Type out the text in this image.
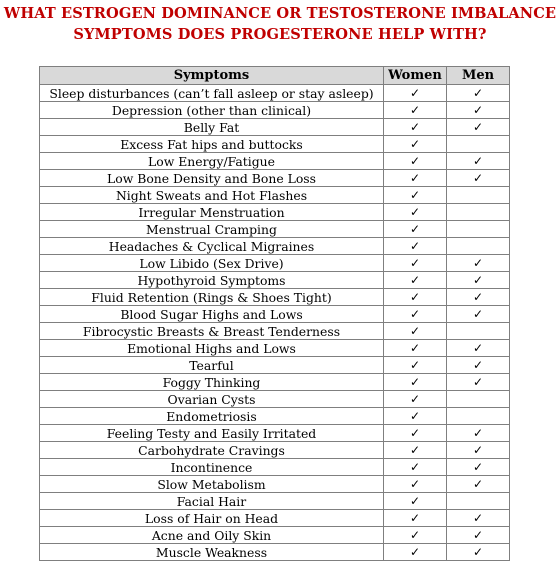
WHAT ESTROGEN DOMINANCE OR TESTOSTERONE IMBALANCE
SYMPTOMS DOES PROGESTERONE HELP WITH?
Symptoms	Women	Men
Sleep disturbances (can’t fall asleep or stay asleep)	✓	✓
Depression (other than clinical)	✓	✓
Belly Fat	✓	✓
Excess Fat hips and buttocks	✓	
Low Energy/Fatigue	✓	✓
Low Bone Density and Bone Loss	✓	✓
Night Sweats and Hot Flashes	✓	
Irregular Menstruation	✓	
Menstrual Cramping	✓	
Headaches & Cyclical Migraines	✓	
Low Libido (Sex Drive)	✓	✓
Hypothyroid Symptoms	✓	✓
Fluid Retention (Rings & Shoes Tight)	✓	✓
Blood Sugar Highs and Lows	✓	✓
Fibrocystic Breasts & Breast Tenderness	✓	
Emotional Highs and Lows	✓	✓
Tearful	✓	✓
Foggy Thinking	✓	✓
Ovarian Cysts	✓	
Endometriosis	✓	
Feeling Testy and Easily Irritated	✓	✓
Carbohydrate Cravings	✓	✓
Incontinence	✓	✓
Slow Metabolism	✓	✓
Facial Hair	✓	
Loss of Hair on Head	✓	✓
Acne and Oily Skin	✓	✓
Muscle Weakness	✓	✓
